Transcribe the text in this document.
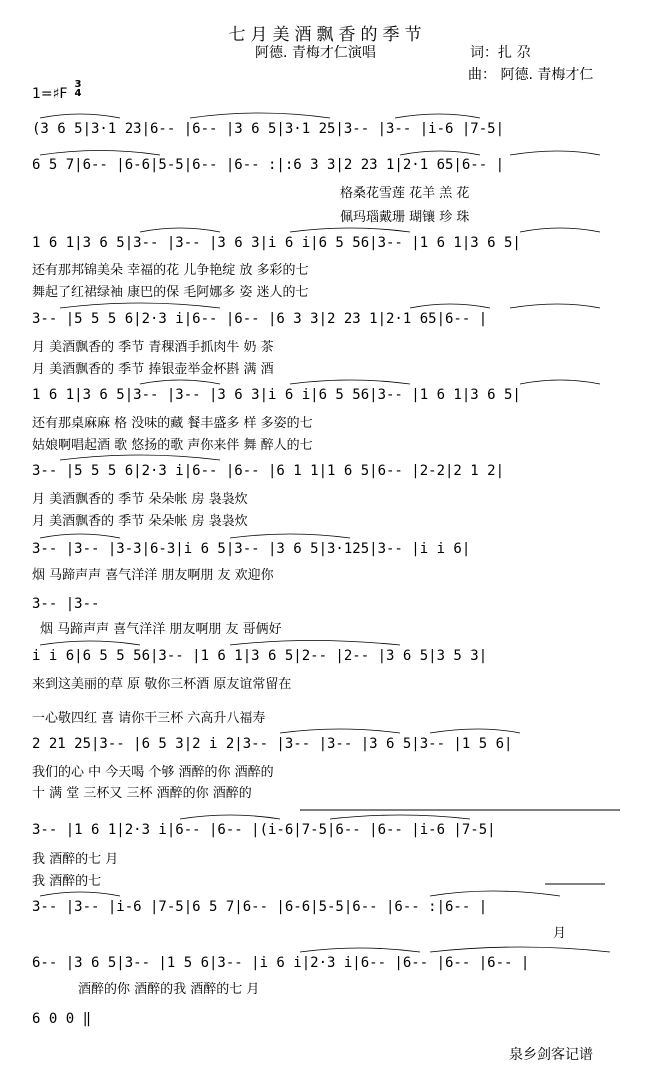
七月美酒飘香的季节
阿德. 青梅才仁演唱	词：扎 尕
曲： 阿德. 青梅才仁
1=♯F
3
4
(3 6 5|3·1 23|6-- |6-- |3 6 5|3·1 25|3-- |3-- |i-6 |7-5|
6 5 7|6-- |6-6|5-5|6-- |6-- :|:6 3 3|2 23 1|2·1 65|6-- |
格桑花雪莲 花羊 羔 花
佩玛瑙戴珊 瑚镶 珍 珠
1 6 1|3 6 5|3-- |3-- |3 6 3|i 6 i|6 5 56|3-- |1 6 1|3 6 5|
还有那邦锦美朵 幸福的花 儿争艳绽 放 多彩的七
舞起了红裙绿袖 康巴的保 毛阿娜多 姿 迷人的七
3-- |5 5 5 6|2·3 i|6-- |6-- |6 3 3|2 23 1|2·1 65|6-- |
月 美酒飘香的 季节 青稞酒手抓肉牛 奶 茶
月 美酒飘香的 季节 捧银壶举金杯斟 满 酒
1 6 1|3 6 5|3-- |3-- |3 6 3|i 6 i|6 5 56|3-- |1 6 1|3 6 5|
还有那桌麻麻 格 没味的藏 餐丰盛多 样 多姿的七
姑娘啊唱起酒 歌 悠扬的歌 声你来伴 舞 醉人的七
3-- |5 5 5 6|2·3 i|6-- |6-- |6 1 1|1 6 5|6-- |2-2|2 1 2|
月 美酒飘香的 季节 朵朵帐 房 袅袅炊
月 美酒飘香的 季节 朵朵帐 房 袅袅炊
3-- |3-- |3-3|6-3|i 6 5|3-- |3 6 5|3·125|3-- |i i 6|
烟 马蹄声声 喜气洋洋 朋友啊朋 友 欢迎你
3-- |3--
烟 马蹄声声 喜气洋洋 朋友啊朋 友 哥俩好
i i 6|6 5 5 56|3-- |1 6 1|3 6 5|2-- |2-- |3 6 5|3 5 3|
来到这美丽的草 原 敬你三杯酒 原友谊常留在
一心敬四红 喜 请你干三杯 六高升八福寿
2 21 25|3-- |6 5 3|2 i 2|3-- |3-- |3-- |3 6 5|3-- |1 5 6|
我们的心 中 今天喝 个够 酒醉的你 酒醉的
十 满 堂 三杯又 三杯 酒醉的你 酒醉的
3-- |1 6 1|2·3 i|6-- |6-- |(i-6|7-5|6-- |6-- |i-6 |7-5|
我 酒醉的七 月
我 酒醉的七
3-- |3-- |i-6 |7-5|6 5 7|6-- |6-6|5-5|6-- |6-- :|6-- |
月
6-- |3 6 5|3-- |1 5 6|3-- |i 6 i|2·3 i|6-- |6-- |6-- |6-- |
酒醉的你 酒醉的我 酒醉的七 月
6 0 0 ‖
泉乡剑客记谱
